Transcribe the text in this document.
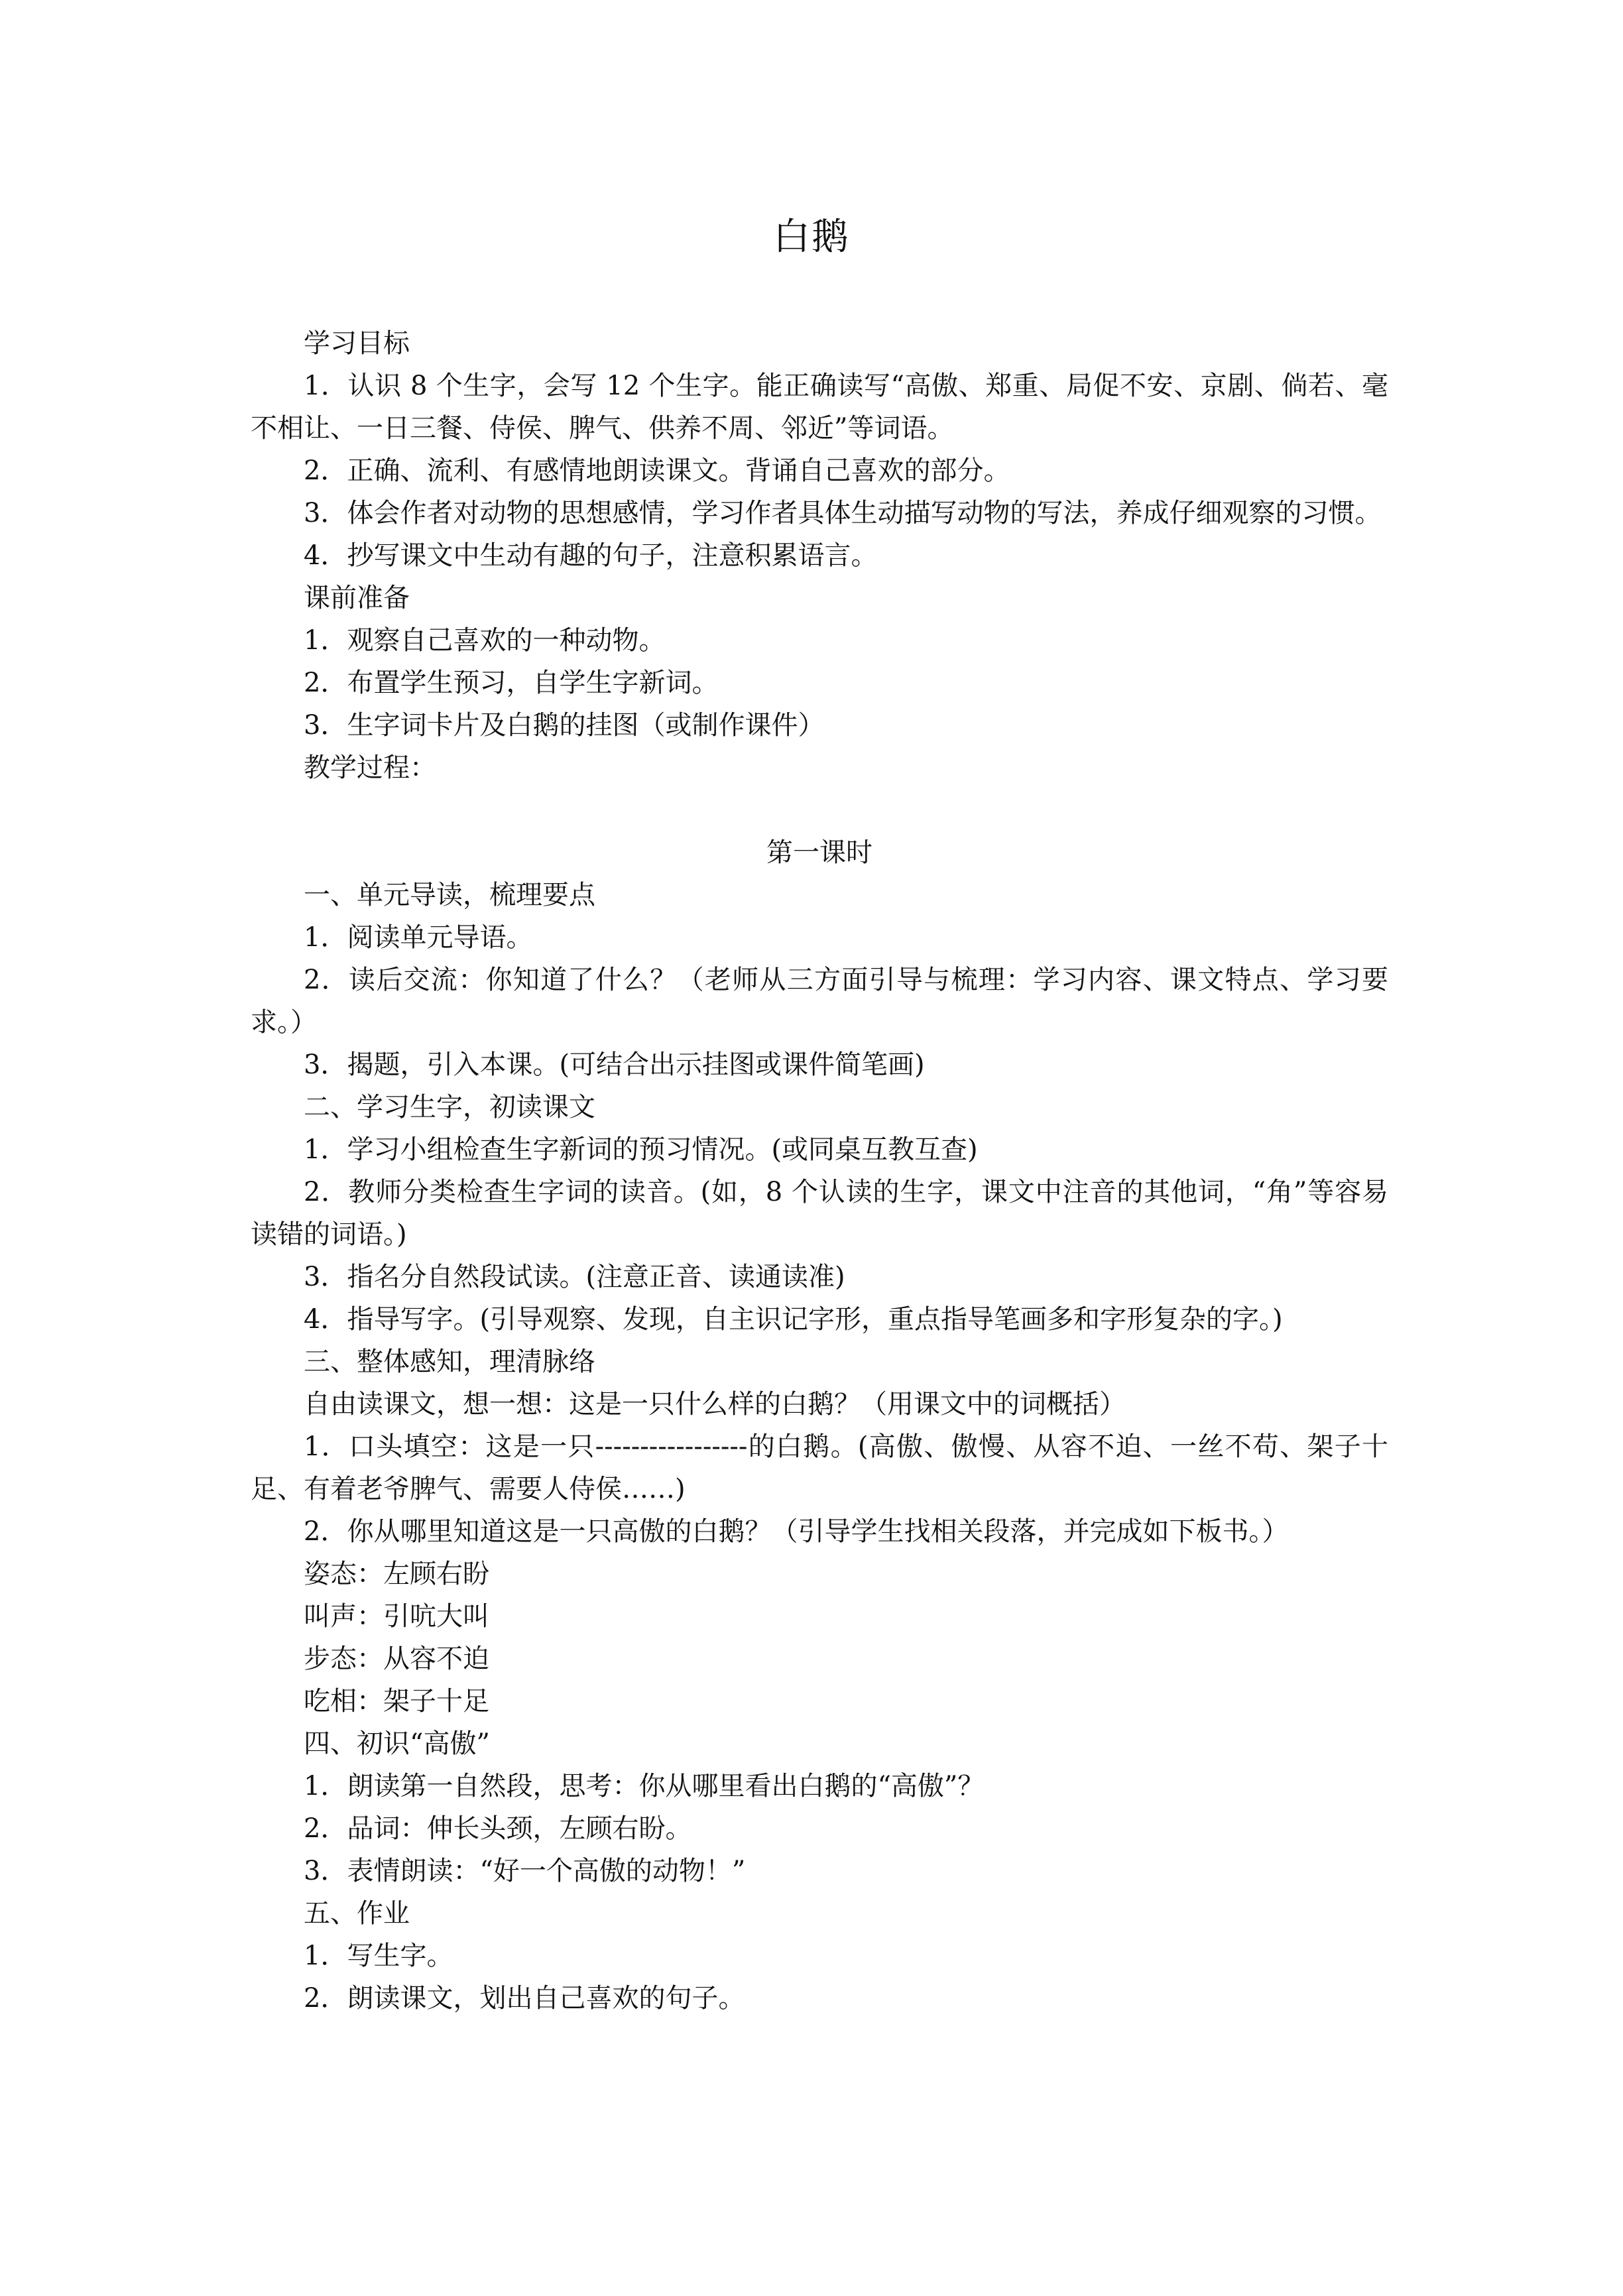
白鹅

学习目标

1．认识 8 个生字，会写 12 个生字。能正确读写“高傲、郑重、局促不安、京剧、倘若、毫不相让、一日三餐、侍侯、脾气、供养不周、邻近”等词语。

2．正确、流利、有感情地朗读课文。背诵自己喜欢的部分。

3．体会作者对动物的思想感情，学习作者具体生动描写动物的写法，养成仔细观察的习惯。

4．抄写课文中生动有趣的句子，注意积累语言。

课前准备

1．观察自己喜欢的一种动物。

2．布置学生预习，自学生字新词。

3．生字词卡片及白鹅的挂图（或制作课件）

教学过程：

第一课时

一、单元导读，梳理要点

1．阅读单元导语。

2．读后交流：你知道了什么？（老师从三方面引导与梳理：学习内容、课文特点、学习要求。）

3．揭题，引入本课。(可结合出示挂图或课件简笔画)

二、学习生字，初读课文

1．学习小组检查生字新词的预习情况。(或同桌互教互查)

2．教师分类检查生字词的读音。(如，8 个认读的生字，课文中注音的其他词，“角”等容易读错的词语。)

3．指名分自然段试读。(注意正音、读通读准)

4．指导写字。(引导观察、发现，自主识记字形，重点指导笔画多和字形复杂的字。)

三、整体感知，理清脉络

自由读课文，想一想：这是一只什么样的白鹅？（用课文中的词概括）

1．口头填空：这是一只-----------------的白鹅。(高傲、傲慢、从容不迫、一丝不苟、架子十足、有着老爷脾气、需要人侍侯……)

2．你从哪里知道这是一只高傲的白鹅？（引导学生找相关段落，并完成如下板书。）

姿态：左顾右盼

叫声：引吭大叫

步态：从容不迫

吃相：架子十足

四、初识“高傲”

1．朗读第一自然段，思考：你从哪里看出白鹅的“高傲”？

2．品词：伸长头颈，左顾右盼。

3．表情朗读：“好一个高傲的动物！”

五、作业

1．写生字。

2．朗读课文，划出自己喜欢的句子。
